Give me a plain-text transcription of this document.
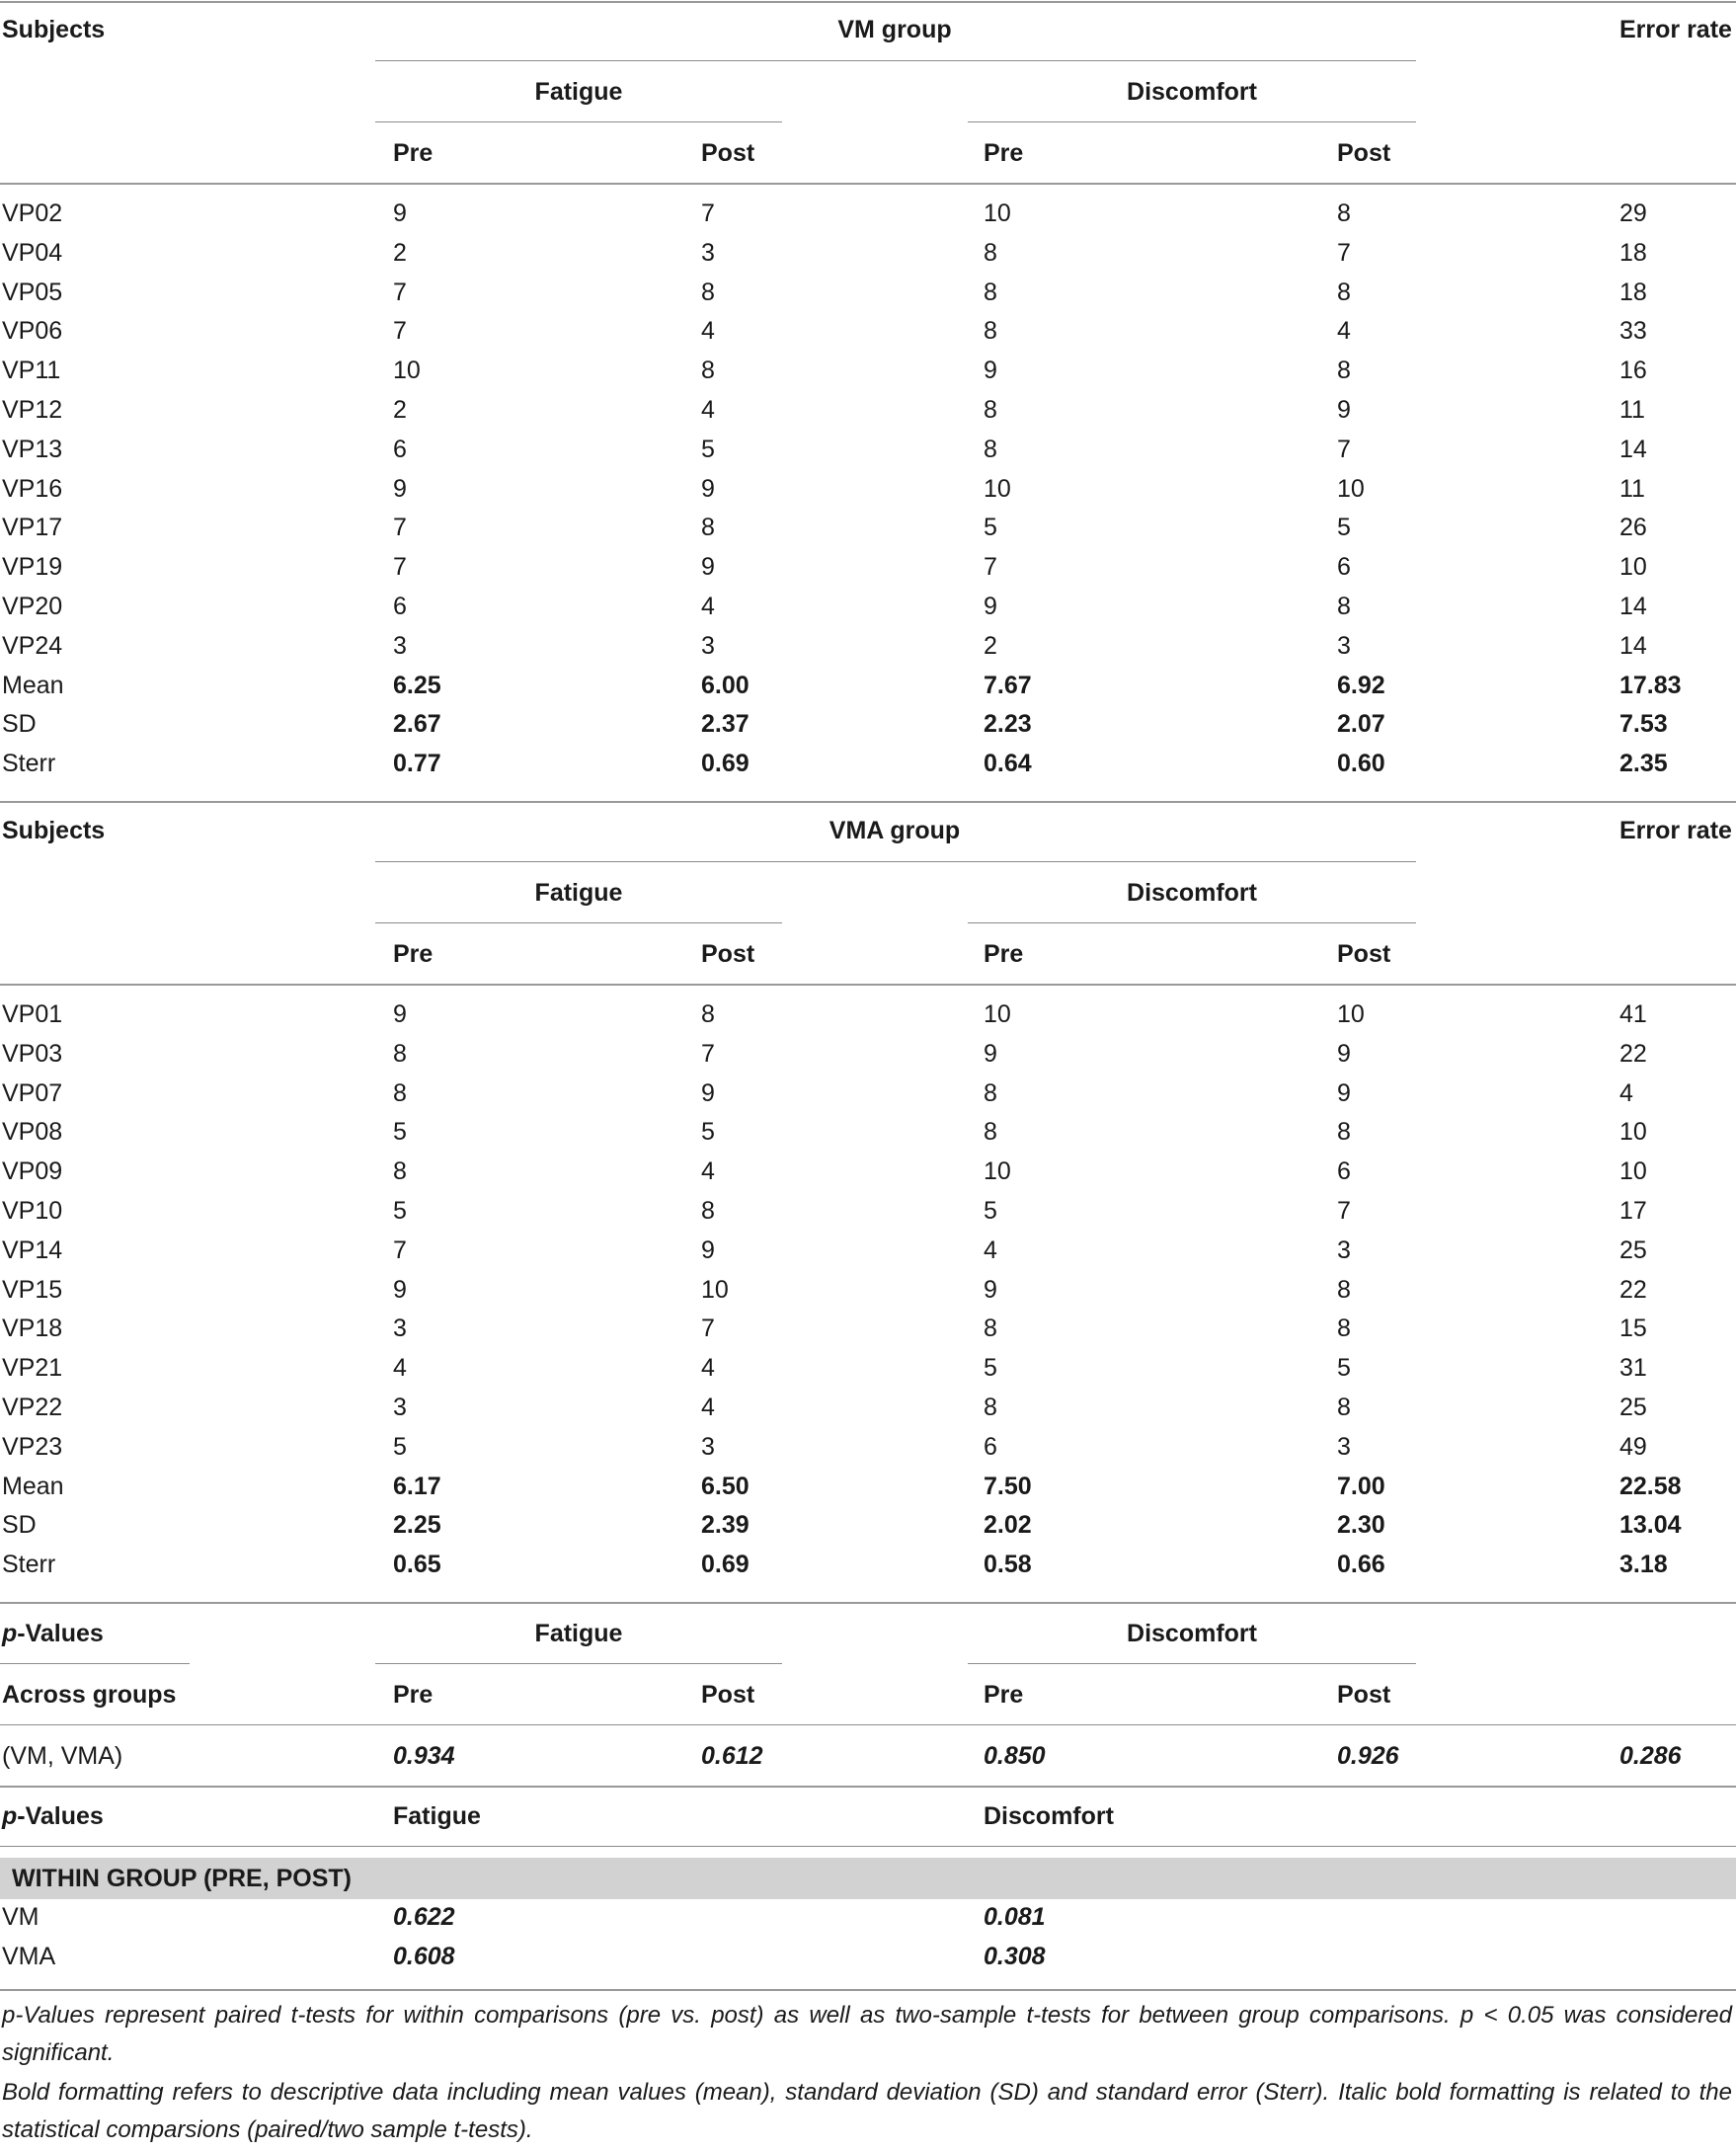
Subjects	VM group	Error rate
Fatigue	Discomfort
Pre	Post	Pre	Post
VP02	9	7	10	8	29
VP04	2	3	8	7	18
VP05	7	8	8	8	18
VP06	7	4	8	4	33
VP11	10	8	9	8	16
VP12	2	4	8	9	11
VP13	6	5	8	7	14
VP16	9	9	10	10	11
VP17	7	8	5	5	26
VP19	7	9	7	6	10
VP20	6	4	9	8	14
VP24	3	3	2	3	14
Mean	6.25	6.00	7.67	6.92	17.83
SD	2.67	2.37	2.23	2.07	7.53
Sterr	0.77	0.69	0.64	0.60	2.35
Subjects	VMA group	Error rate
Fatigue	Discomfort
Pre	Post	Pre	Post
VP01	9	8	10	10	41
VP03	8	7	9	9	22
VP07	8	9	8	9	4
VP08	5	5	8	8	10
VP09	8	4	10	6	10
VP10	5	8	5	7	17
VP14	7	9	4	3	25
VP15	9	10	9	8	22
VP18	3	7	8	8	15
VP21	4	4	5	5	31
VP22	3	4	8	8	25
VP23	5	3	6	3	49
Mean	6.17	6.50	7.50	7.00	22.58
SD	2.25	2.39	2.02	2.30	13.04
Sterr	0.65	0.69	0.58	0.66	3.18
p-Values	Fatigue	Discomfort
Across groups	Pre	Post	Pre	Post
(VM, VMA)	0.934	0.612	0.850	0.926	0.286
p-Values	Fatigue	Discomfort
WITHIN GROUP (PRE, POST)
VM	0.622	0.081
VMA	0.608	0.308
p-Values represent paired t-tests for within comparisons (pre vs. post) as well as two-sample t-tests for between group comparisons. p < 0.05 was considered significant.
Bold formatting refers to descriptive data including mean values (mean), standard deviation (SD) and standard error (Sterr). Italic bold formatting is related to the statistical comparsions (paired/two sample t-tests).
